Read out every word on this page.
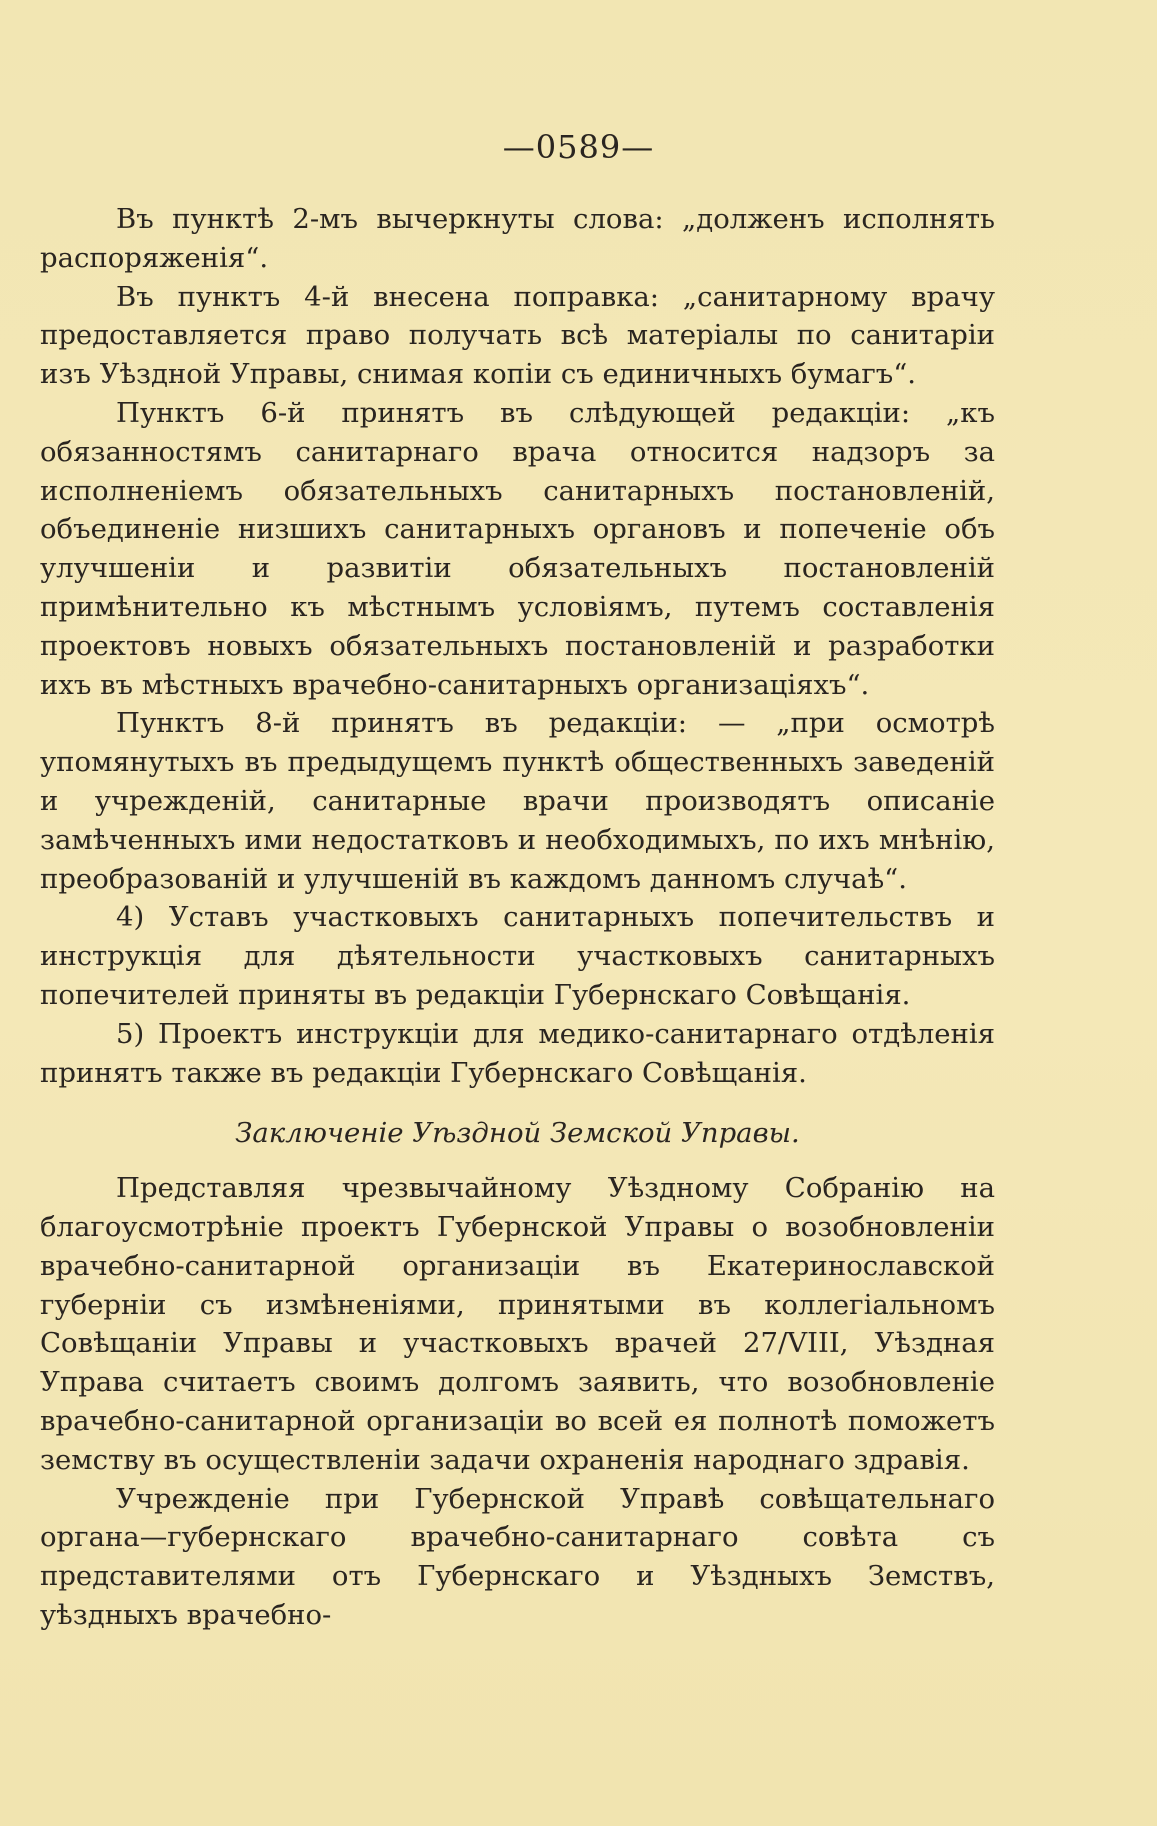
—0589—

Въ пунктѣ 2-мъ вычеркнуты слова: „долженъ исполнять распоряженія“.

Въ пунктъ 4-й внесена поправка: „санитарному врачу предоставляется право получать всѣ матеріалы по санитаріи изъ Уѣздной Управы, снимая копіи съ единичныхъ бумагъ“.

Пунктъ 6-й принятъ въ слѣдующей редакціи: „къ обязанностямъ санитарнаго врача относится надзоръ за исполненіемъ обязательныхъ санитарныхъ постановленій, объединеніе низшихъ санитарныхъ органовъ и попеченіе объ улучшеніи и развитіи обязательныхъ постановленій примѣнительно къ мѣстнымъ условіямъ, путемъ составленія проектовъ новыхъ обязательныхъ постановленій и разработки ихъ въ мѣстныхъ врачебно-санитарныхъ организаціяхъ“.

Пунктъ 8-й принятъ въ редакціи: — „при осмотрѣ упомянутыхъ въ предыдущемъ пунктѣ общественныхъ заведеній и учрежденій, санитарные врачи производятъ описаніе замѣченныхъ ими недостатковъ и необходимыхъ, по ихъ мнѣнію, преобразованій и улучшеній въ каждомъ данномъ случаѣ“.

4) Уставъ участковыхъ санитарныхъ попечительствъ и инструкція для дѣятельности участковыхъ санитарныхъ попечителей приняты въ редакціи Губернскаго Совѣщанія.

5) Проектъ инструкціи для медико-санитарнаго отдѣленія принятъ также въ редакціи Губернскаго Совѣщанія.

Заключеніе Уѣздной Земской Управы.

Представляя чрезвычайному Уѣздному Собранію на благоусмотрѣніе проектъ Губернской Управы о возобновленіи врачебно-санитарной организаціи въ Екатеринославской губерніи съ измѣненіями, принятыми въ коллегіальномъ Совѣщаніи Управы и участковыхъ врачей 27/VIII, Уѣздная Управа считаетъ своимъ долгомъ заявить, что возобновленіе врачебно-санитарной организаціи во всей ея полнотѣ поможетъ земству въ осуществленіи задачи охраненія народнаго здравія.

Учрежденіе при Губернской Управѣ совѣщательнаго органа—губернскаго врачебно-санитарнаго совѣта съ представителями отъ Губернскаго и Уѣздныхъ Земствъ, уѣздныхъ врачебно-
